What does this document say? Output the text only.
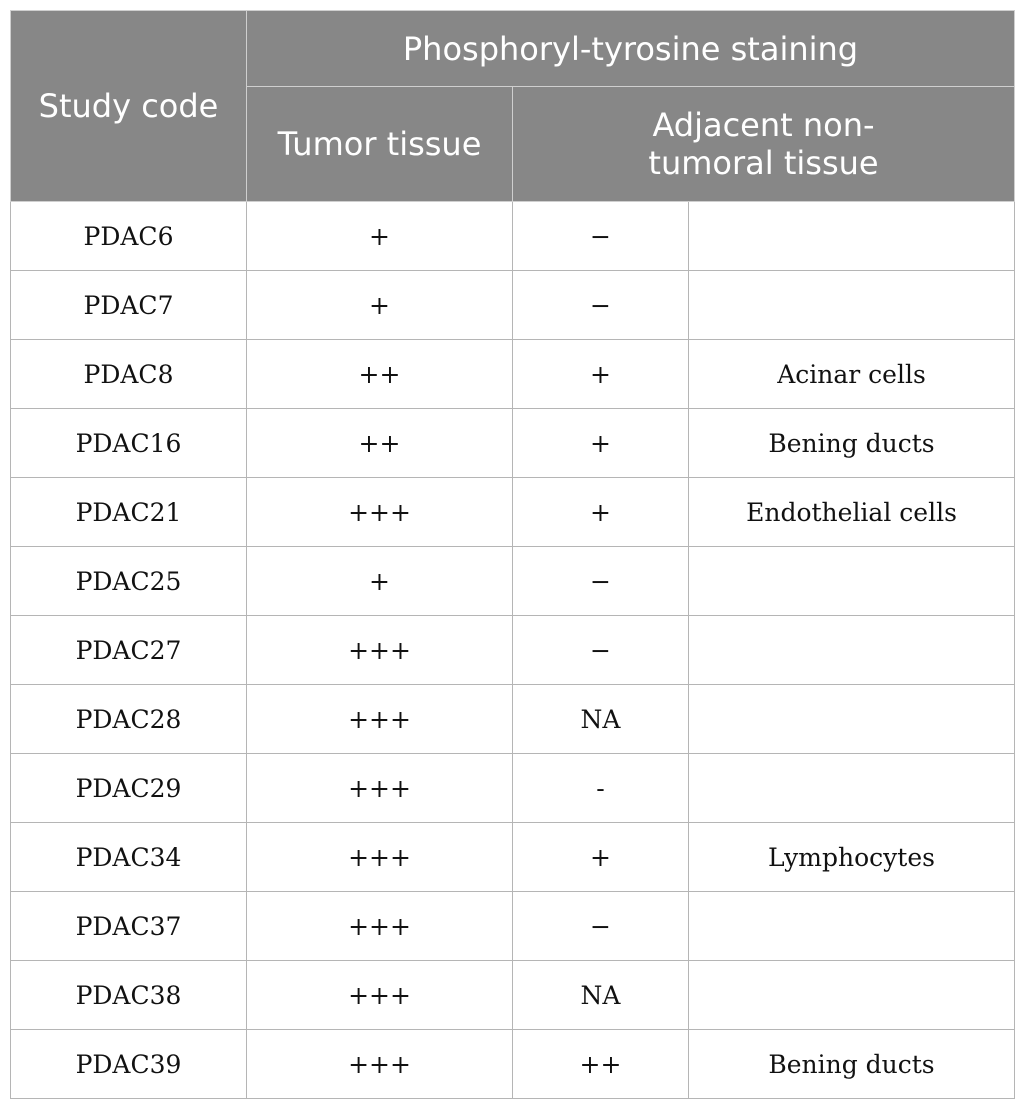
Study code	Phosphoryl-tyrosine staining		
	Tumor tissue	Adjacent non-tumoral tissue	

PDAC6	+	−	
PDAC7	+	−	
PDAC8	++	+	Acinar cells
PDAC16	++	+	Bening ducts
PDAC21	+++	+	Endothelial cells
PDAC25	+	−	
PDAC27	+++	−	
PDAC28	+++	NA	
PDAC29	+++	-	
PDAC34	+++	+	Lymphocytes
PDAC37	+++	−	
PDAC38	+++	NA	
PDAC39	+++	++	Bening ducts
